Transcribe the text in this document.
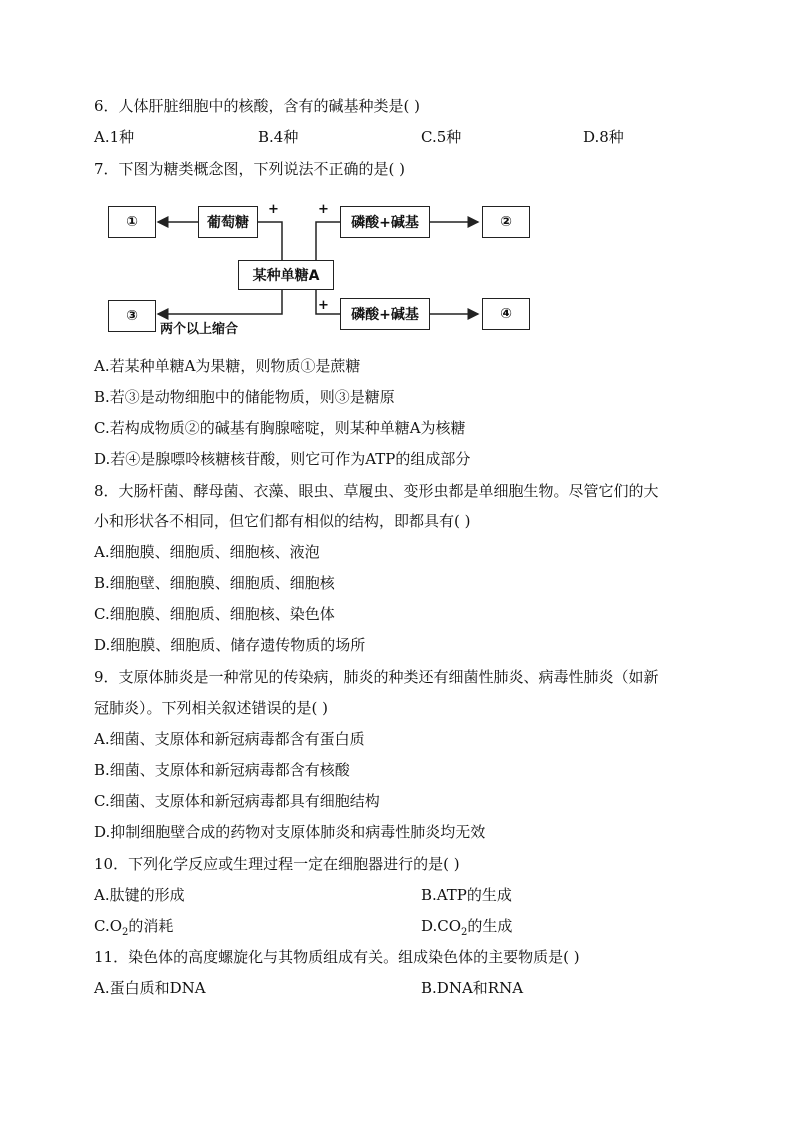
6．人体肝脏细胞中的核酸，含有的碱基种类是( )
A.1种	B.4种	C.5种	D.8种
7．下图为糖类概念图，下列说法不正确的是( )
①	葡萄糖
+	+
磷酸+碱基	②
某种单糖A
③
两个以上缩合
+
磷酸+碱基	④
A.若某种单糖A为果糖，则物质①是蔗糖
B.若③是动物细胞中的储能物质，则③是糖原
C.若构成物质②的碱基有胸腺嘧啶，则某种单糖A为核糖
D.若④是腺嘌呤核糖核苷酸，则它可作为ATP的组成部分
8．大肠杆菌、酵母菌、衣藻、眼虫、草履虫、变形虫都是单细胞生物。尽管它们的大
小和形状各不相同，但它们都有相似的结构，即都具有( )
A.细胞膜、细胞质、细胞核、液泡
B.细胞壁、细胞膜、细胞质、细胞核
C.细胞膜、细胞质、细胞核、染色体
D.细胞膜、细胞质、储存遗传物质的场所
9．支原体肺炎是一种常见的传染病，肺炎的种类还有细菌性肺炎、病毒性肺炎（如新
冠肺炎）。下列相关叙述错误的是( )
A.细菌、支原体和新冠病毒都含有蛋白质
B.细菌、支原体和新冠病毒都含有核酸
C.细菌、支原体和新冠病毒都具有细胞结构
D.抑制细胞壁合成的药物对支原体肺炎和病毒性肺炎均无效
10．下列化学反应或生理过程一定在细胞器进行的是( )
A.肽键的形成	B.ATP的生成
$C.O_2$的消耗	$D.CO_2$的生成
11．染色体的高度螺旋化与其物质组成有关。组成染色体的主要物质是( )
A.蛋白质和DNA	B.DNA和RNA
